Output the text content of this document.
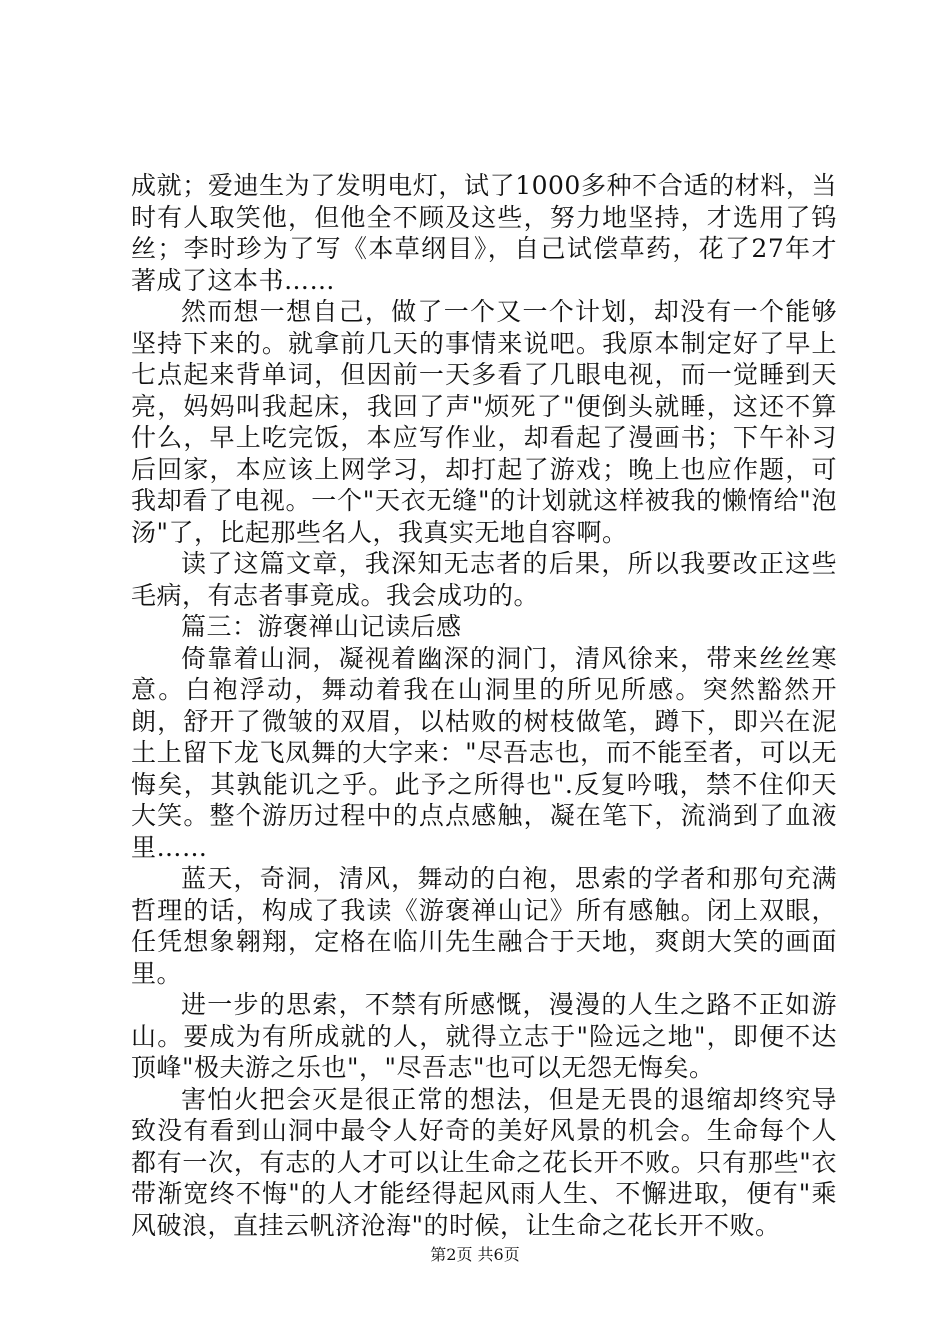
成就；爱迪生为了发明电灯，试了1000多种不合适的材料，当时有人取笑他，但他全不顾及这些，努力地坚持，才选用了钨丝；李时珍为了写《本草纲目》，自己试偿草药，花了27年才著成了这本书……

然而想一想自己，做了一个又一个计划，却没有一个能够坚持下来的。就拿前几天的事情来说吧。我原本制定好了早上七点起来背单词，但因前一天多看了几眼电视，而一觉睡到天亮，妈妈叫我起床，我回了声"烦死了"便倒头就睡，这还不算什么，早上吃完饭，本应写作业，却看起了漫画书；下午补习后回家，本应该上网学习，却打起了游戏；晚上也应作题，可我却看了电视。一个"天衣无缝"的计划就这样被我的懒惰给"泡汤"了，比起那些名人，我真实无地自容啊。

读了这篇文章，我深知无志者的后果，所以我要改正这些毛病，有志者事竟成。我会成功的。

篇三：游褒禅山记读后感

倚靠着山洞，凝视着幽深的洞门，清风徐来，带来丝丝寒意。白袍浮动，舞动着我在山洞里的所见所感。突然豁然开朗，舒开了微皱的双眉，以枯败的树枝做笔，蹲下，即兴在泥土上留下龙飞凤舞的大字来："尽吾志也，而不能至者，可以无悔矣，其孰能讥之乎。此予之所得也".反复吟哦，禁不住仰天大笑。整个游历过程中的点点感触，凝在笔下，流淌到了血液里……

蓝天，奇洞，清风，舞动的白袍，思索的学者和那句充满哲理的话，构成了我读《游褒禅山记》所有感触。闭上双眼，任凭想象翱翔，定格在临川先生融合于天地，爽朗大笑的画面里。

进一步的思索，不禁有所感慨，漫漫的人生之路不正如游山。要成为有所成就的人，就得立志于"险远之地"，即便不达顶峰"极夫游之乐也"，"尽吾志"也可以无怨无悔矣。

害怕火把会灭是很正常的想法，但是无畏的退缩却终究导致没有看到山洞中最令人好奇的美好风景的机会。生命每个人都有一次，有志的人才可以让生命之花长开不败。只有那些"衣带渐宽终不悔"的人才能经得起风雨人生、不懈进取，便有"乘风破浪，直挂云帆济沧海"的时候，让生命之花长开不败。

第2页 共6页
